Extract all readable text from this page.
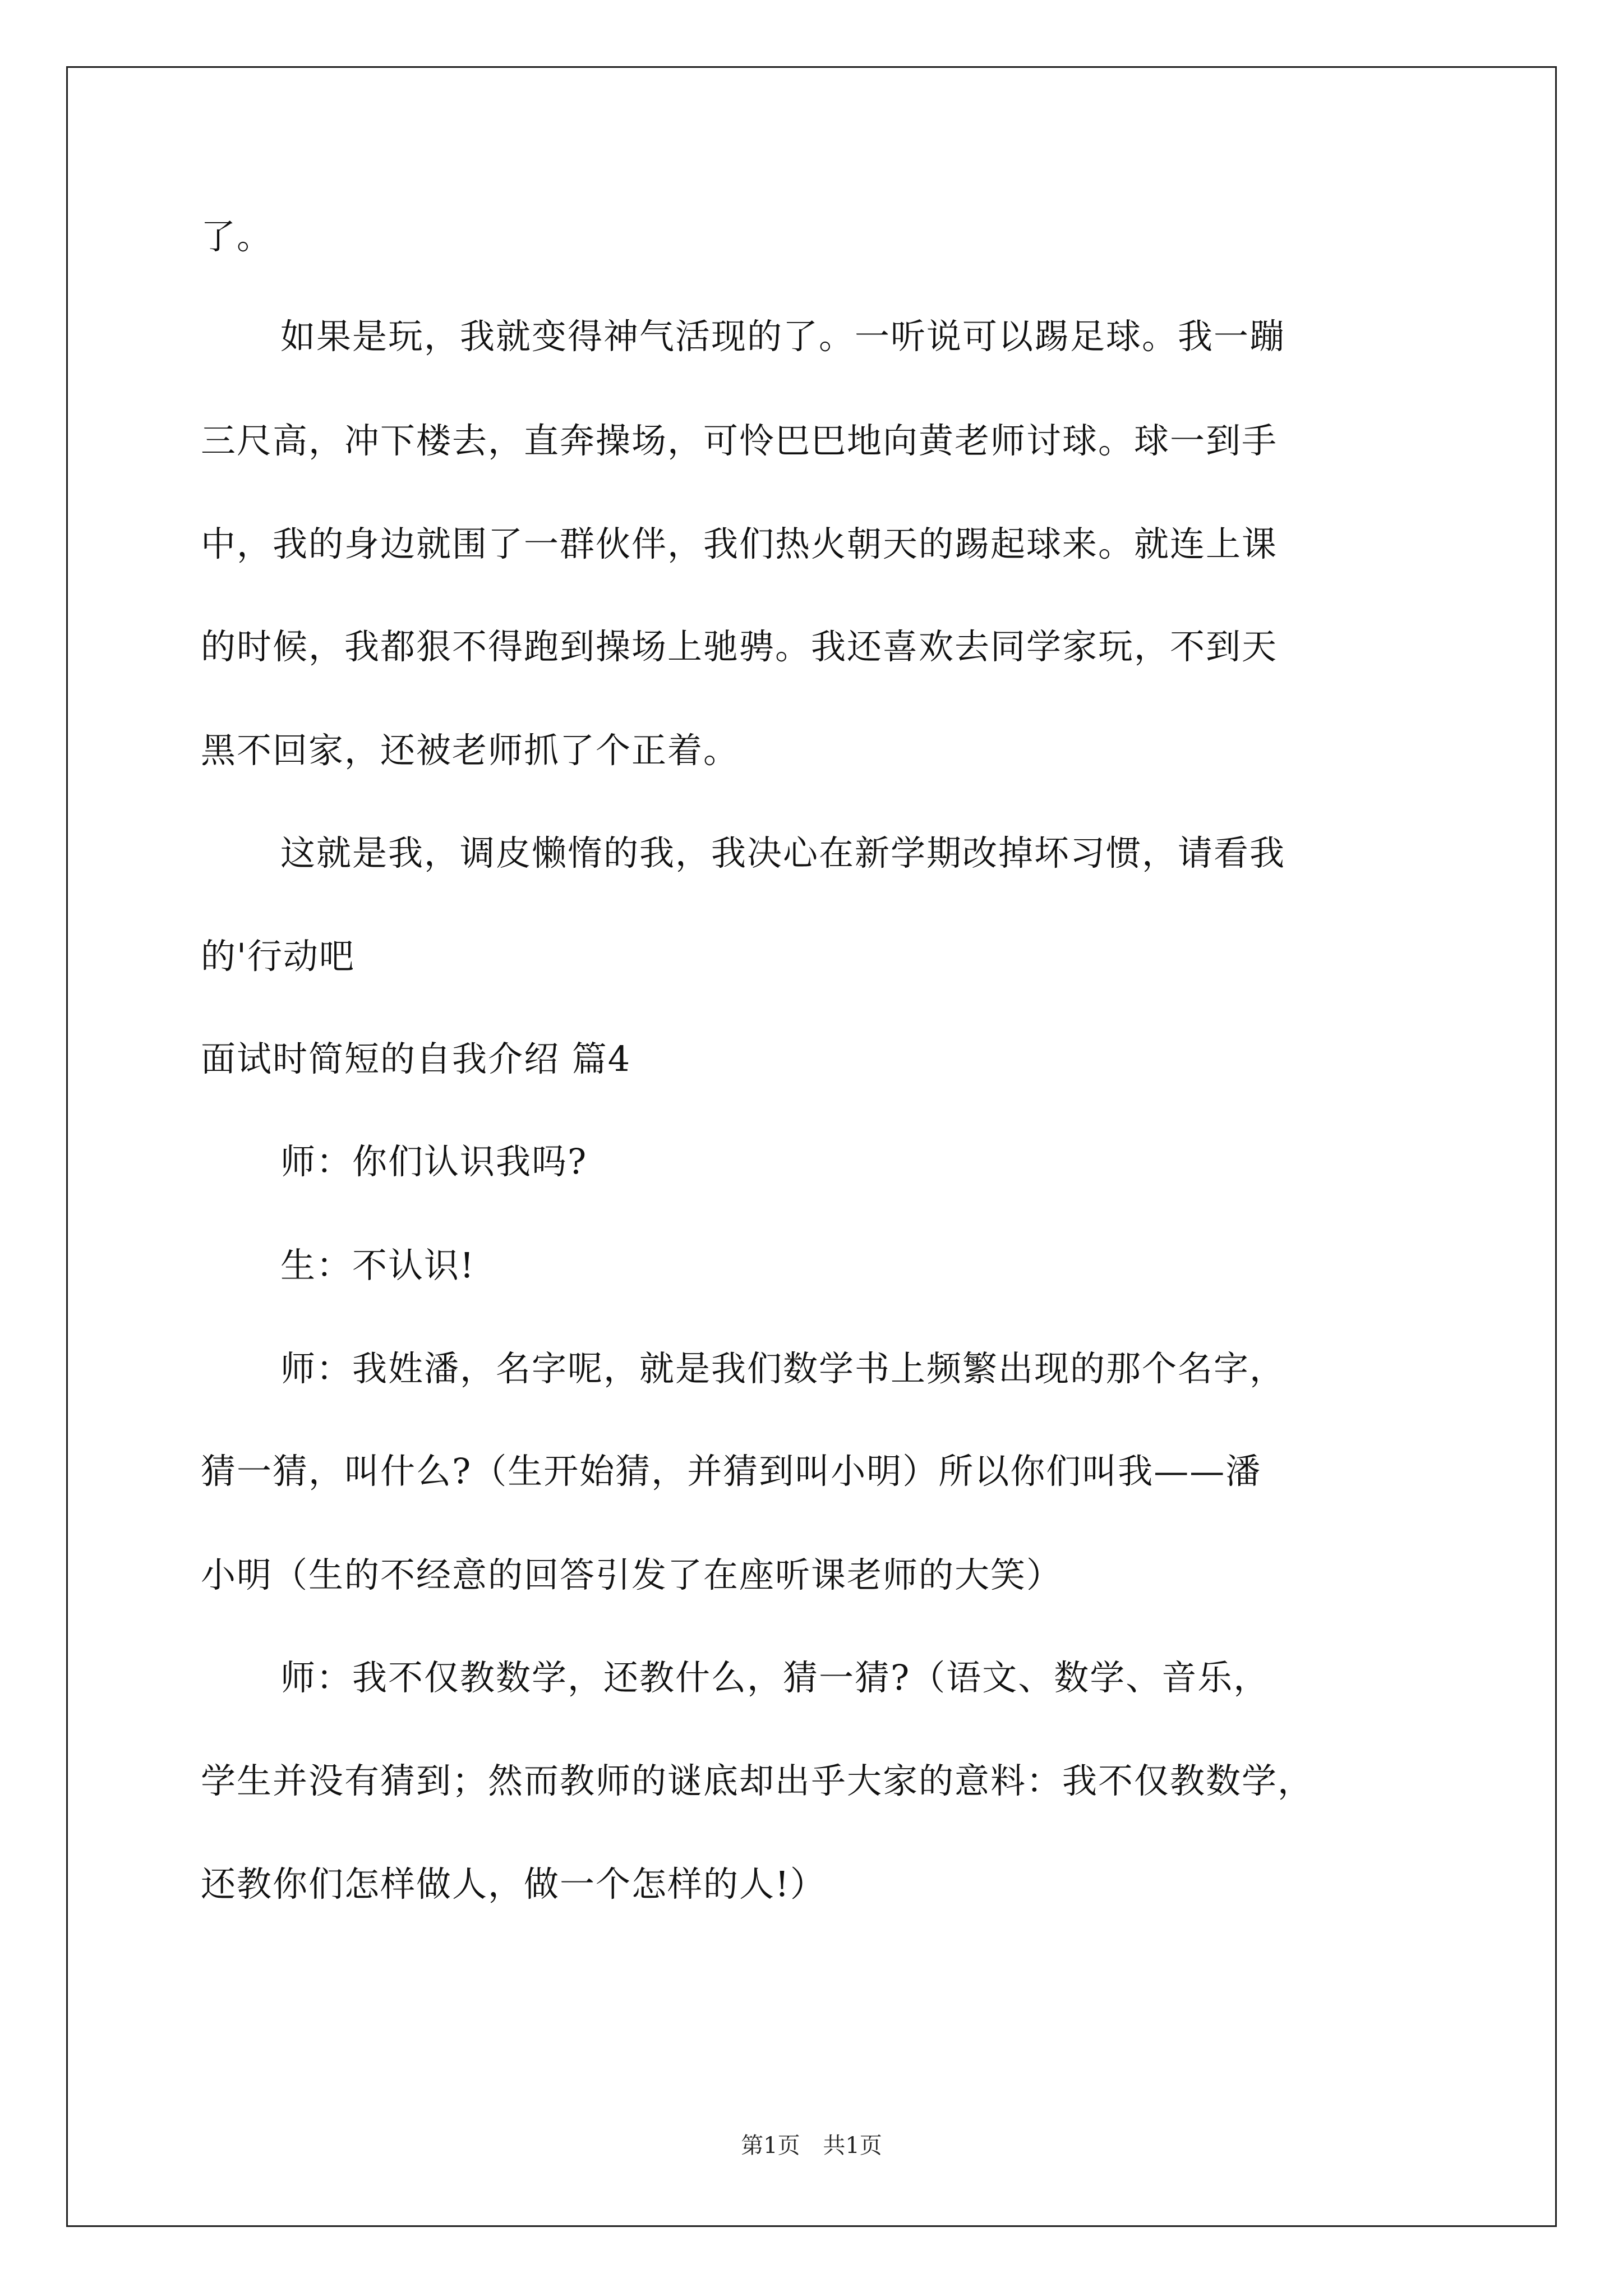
了。
如果是玩，我就变得神气活现的了。一听说可以踢足球。我一蹦
三尺高，冲下楼去，直奔操场，可怜巴巴地向黄老师讨球。球一到手
中，我的身边就围了一群伙伴，我们热火朝天的踢起球来。就连上课
的时候，我都狠不得跑到操场上驰骋。我还喜欢去同学家玩，不到天
黑不回家，还被老师抓了个正着。
这就是我，调皮懒惰的我，我决心在新学期改掉坏习惯，请看我
的'行动吧
面试时简短的自我介绍 篇4
师：你们认识我吗?
生：不认识!
师：我姓潘，名字呢，就是我们数学书上频繁出现的那个名字，
猜一猜，叫什么?（生开始猜，并猜到叫小明）所以你们叫我——潘
小明（生的不经意的回答引发了在座听课老师的大笑）
师：我不仅教数学，还教什么，猜一猜?（语文、数学、音乐，
学生并没有猜到；然而教师的谜底却出乎大家的意料：我不仅教数学，
还教你们怎样做人，做一个怎样的人!）
第1页 共1页
